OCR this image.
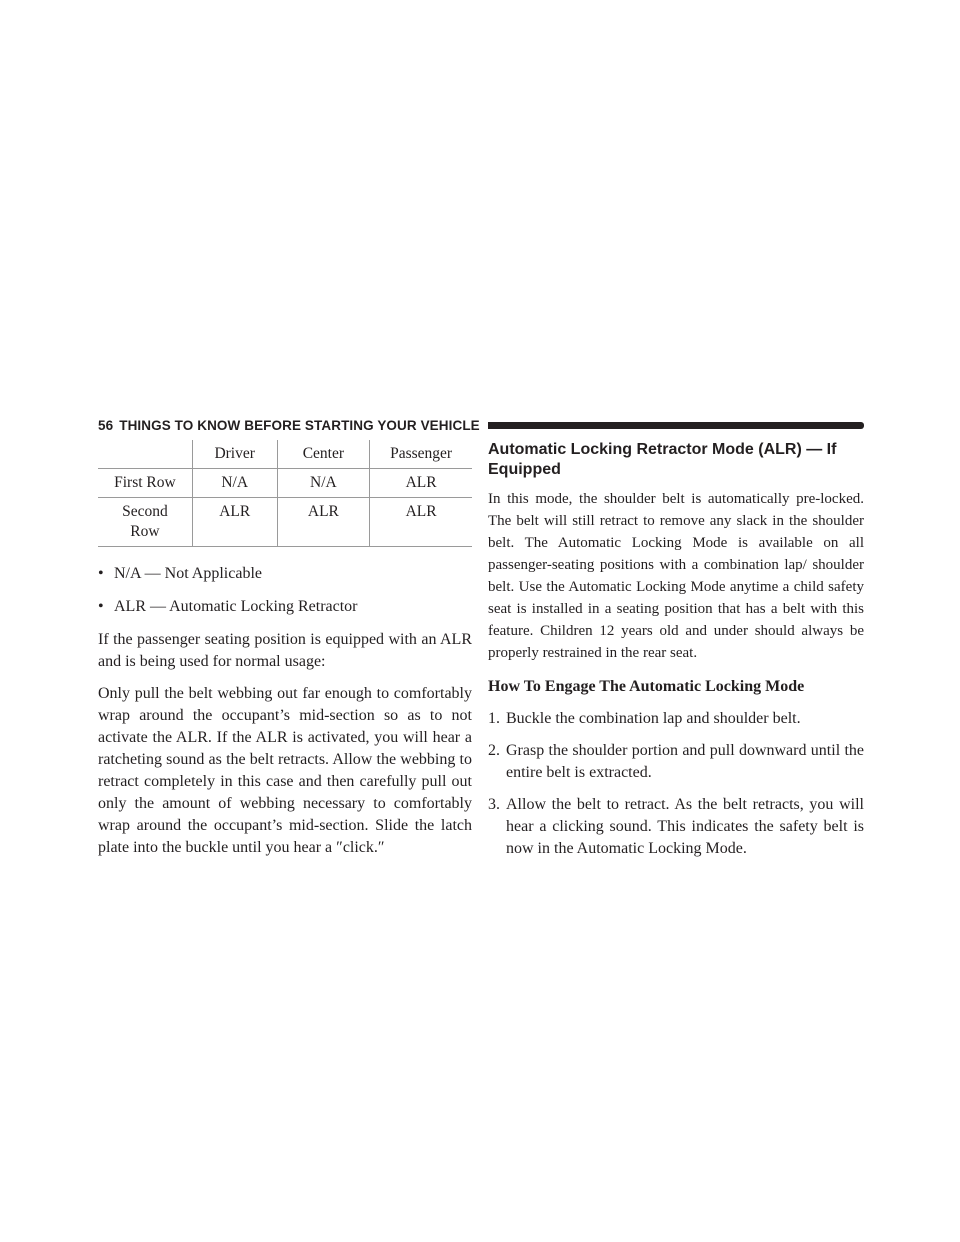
56 THINGS TO KNOW BEFORE STARTING YOUR VEHICLE
	Driver	Center	Passenger
First Row	N/A	N/A	ALR
Second Row	ALR	ALR	ALR
• N/A — Not Applicable
• ALR — Automatic Locking Retractor

If the passenger seating position is equipped with an ALR and is being used for normal usage:

Only pull the belt webbing out far enough to comfortably wrap around the occupant’s mid-section so as to not activate the ALR. If the ALR is activated, you will hear a ratcheting sound as the belt retracts. Allow the webbing to retract completely in this case and then carefully pull out only the amount of webbing necessary to comfortably wrap around the occupant’s mid-section. Slide the latch plate into the buckle until you hear a ″click.″

Automatic Locking Retractor Mode (ALR) — If Equipped

In this mode, the shoulder belt is automatically pre-locked. The belt will still retract to remove any slack in the shoulder belt. The Automatic Locking Mode is available on all passenger-seating positions with a combination lap/ shoulder belt. Use the Automatic Locking Mode anytime a child safety seat is installed in a seating position that has a belt with this feature. Children 12 years old and under should always be properly restrained in the rear seat.

How To Engage The Automatic Locking Mode
1. Buckle the combination lap and shoulder belt.
2. Grasp the shoulder portion and pull downward until the entire belt is extracted.
3. Allow the belt to retract. As the belt retracts, you will hear a clicking sound. This indicates the safety belt is now in the Automatic Locking Mode.
